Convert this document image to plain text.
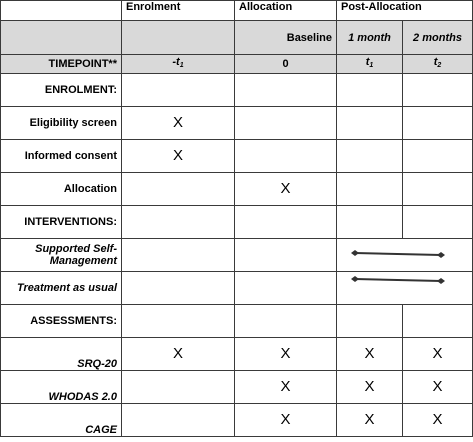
	Enrolment	Allocation	Post-Allocation	
		Baseline	1 month	2 months
TIMEPOINT**	$-t_1$	0	$t_1$	$t_2$
ENROLMENT:				
Eligibility screen	X			
Informed consent	X			
Allocation		X		
INTERVENTIONS:				
Supported Self-Management			

Treatment as usual			

ASSESSMENTS:				
SRQ-20	X	X	X	X
WHODAS 2.0		X	X	X
CAGE		X	X	X
